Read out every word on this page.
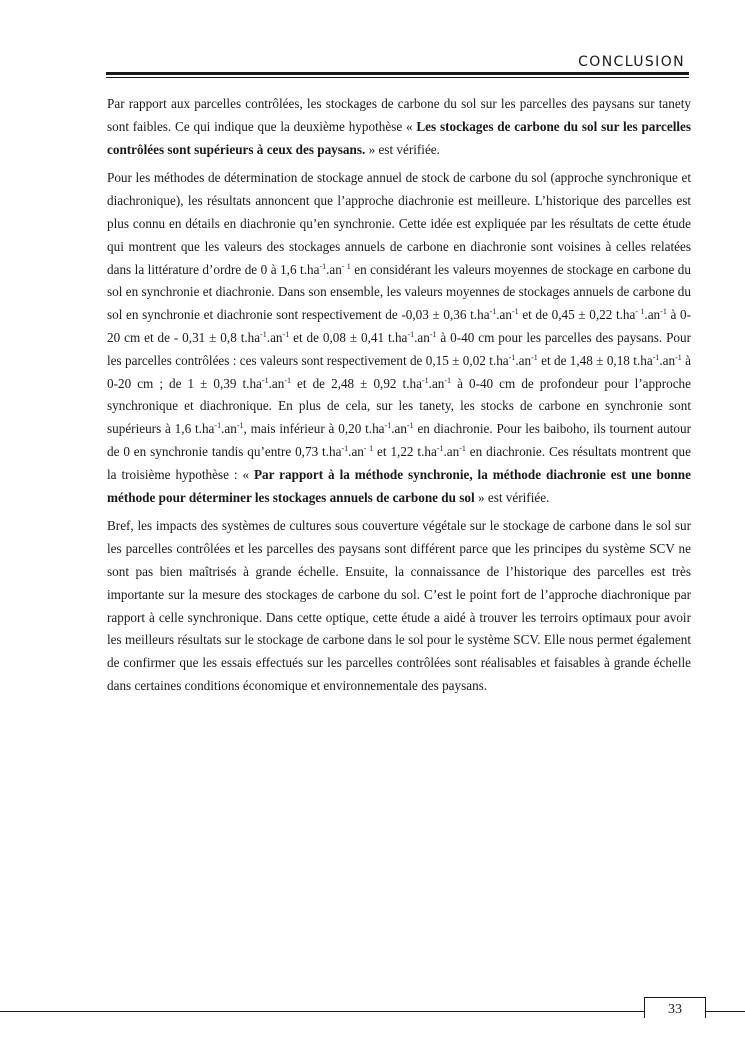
CONCLUSION

Par rapport aux parcelles contrôlées, les stockages de carbone du sol sur les parcelles des paysans sur tanety sont faibles. Ce qui indique que la deuxième hypothèse « Les stockages de carbone du sol sur les parcelles contrôlées sont supérieurs à ceux des paysans. » est vérifiée.

Pour les méthodes de détermination de stockage annuel de stock de carbone du sol (approche synchronique et diachronique), les résultats annoncent que l’approche diachronie est meilleure. L’historique des parcelles est plus connu en détails en diachronie qu’en synchronie. Cette idée est expliquée par les résultats de cette étude qui montrent que les valeurs des stockages annuels de carbone en diachronie sont voisines à celles relatées dans la littérature d’ordre de 0 à 1,6 $t.ha^{-1}.an^{- 1}$ en considérant les valeurs moyennes de stockage en carbone du sol en synchronie et diachronie. Dans son ensemble, les valeurs moyennes de stockages annuels de carbone du sol en synchronie et diachronie sont respectivement de -0,03 ± 0,36 $t.ha^{-1}.an^{-1}$ et de 0,45 ± 0,22 $t.ha^{- 1}.an^{-1}$ à 0-20 cm et de - 0,31 ± 0,8 $t.ha^{-1}.an^{-1}$ et de 0,08 ± 0,41 $t.ha^{-1}.an^{-1}$ à 0-40 cm pour les parcelles des paysans. Pour les parcelles contrôlées : ces valeurs sont respectivement de 0,15 ± 0,02 $t.ha^{-1}.an^{-1}$ et de 1,48 ± 0,18 $t.ha^{-1}.an^{-1}$ à 0-20 cm ; de 1 ± 0,39 $t.ha^{-1}.an^{-1}$ et de 2,48 ± 0,92 $t.ha^{-1}.an^{-1}$ à 0-40 cm de profondeur pour l’approche synchronique et diachronique. En plus de cela, sur les tanety, les stocks de carbone en synchronie sont supérieurs à 1,6 $t.ha^{-1}.an^{-1}$, mais inférieur à 0,20 $t.ha^{-1}.an^{-1}$ en diachronie. Pour les baiboho, ils tournent autour de 0 en synchronie tandis qu’entre 0,73 $t.ha^{-1}.an^{- 1}$ et 1,22 $t.ha^{-1}.an^{-1}$ en diachronie. Ces résultats montrent que la troisième hypothèse : « Par rapport à la méthode synchronie, la méthode diachronie est une bonne méthode pour déterminer les stockages annuels de carbone du sol » est vérifiée.

Bref, les impacts des systèmes de cultures sous couverture végétale sur le stockage de carbone dans le sol sur les parcelles contrôlées et les parcelles des paysans sont différent parce que les principes du système SCV ne sont pas bien maîtrisés à grande échelle. Ensuite, la connaissance de l’historique des parcelles est très importante sur la mesure des stockages de carbone du sol. C’est le point fort de l’approche diachronique par rapport à celle synchronique. Dans cette optique, cette étude a aidé à trouver les terroirs optimaux pour avoir les meilleurs résultats sur le stockage de carbone dans le sol pour le système SCV. Elle nous permet également de confirmer que les essais effectués sur les parcelles contrôlées sont réalisables et faisables à grande échelle dans certaines conditions économique et environnementale des paysans.

33
